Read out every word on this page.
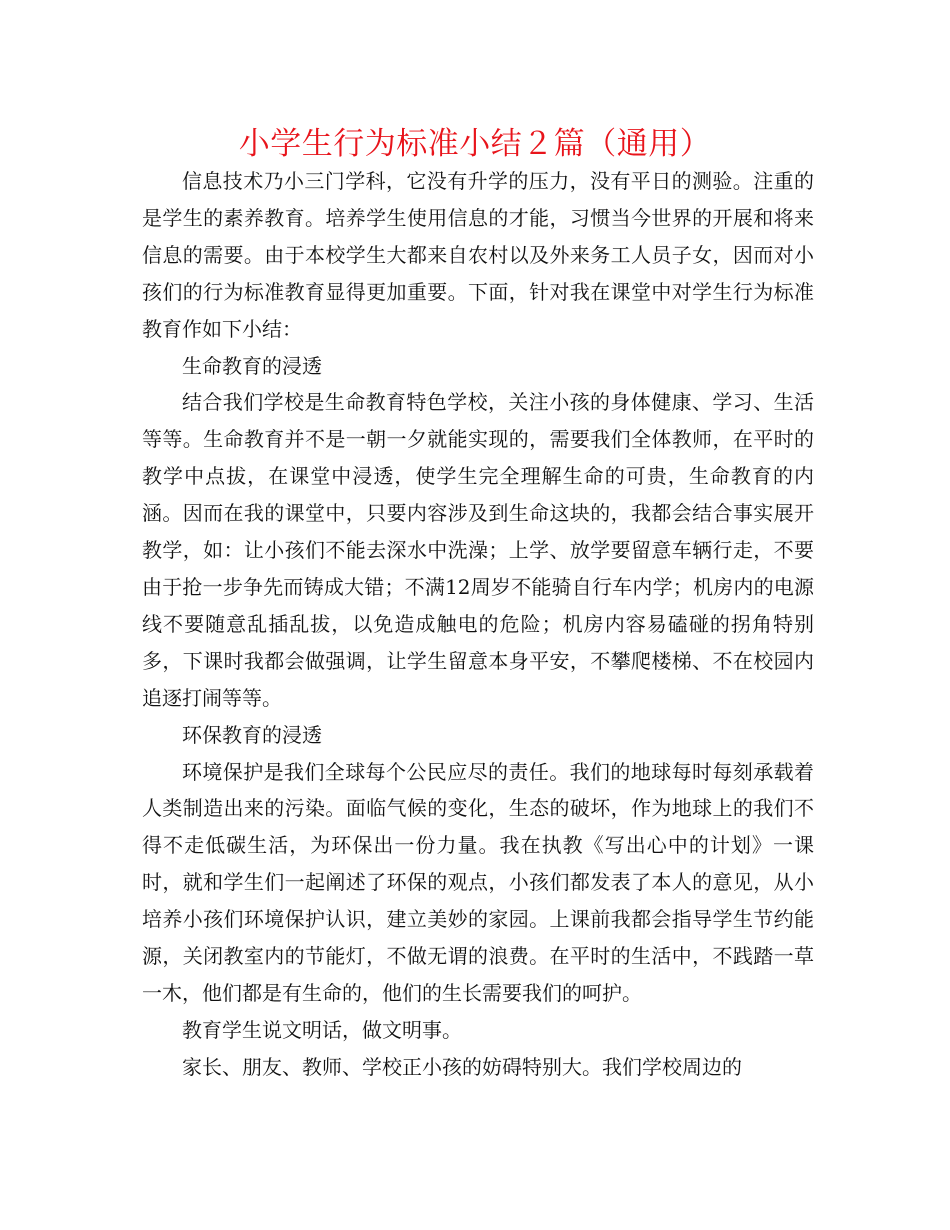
小学生行为标准小结２篇（通用）

信息技术乃小三门学科，它没有升学的压力，没有平日的测验。注重的是学生的素养教育。培养学生使用信息的才能，习惯当今世界的开展和将来信息的需要。由于本校学生大都来自农村以及外来务工人员子女，因而对小孩们的行为标准教育显得更加重要。下面，针对我在课堂中对学生行为标准教育作如下小结：

生命教育的浸透

结合我们学校是生命教育特色学校，关注小孩的身体健康、学习、生活等等。生命教育并不是一朝一夕就能实现的，需要我们全体教师，在平时的教学中点拔，在课堂中浸透，使学生完全理解生命的可贵，生命教育的内涵。因而在我的课堂中，只要内容涉及到生命这块的，我都会结合事实展开教学，如：让小孩们不能去深水中洗澡；上学、放学要留意车辆行走，不要由于抢一步争先而铸成大错；不满12周岁不能骑自行车内学；机房内的电源线不要随意乱插乱拔，以免造成触电的危险；机房内容易磕碰的拐角特别多，下课时我都会做强调，让学生留意本身平安，不攀爬楼梯、不在校园内追逐打闹等等。

环保教育的浸透

环境保护是我们全球每个公民应尽的责任。我们的地球每时每刻承载着人类制造出来的污染。面临气候的变化，生态的破坏，作为地球上的我们不得不走低碳生活，为环保出一份力量。我在执教《写出心中的计划》一课时，就和学生们一起阐述了环保的观点，小孩们都发表了本人的意见，从小培养小孩们环境保护认识，建立美妙的家园。上课前我都会指导学生节约能源，关闭教室内的节能灯，不做无谓的浪费。在平时的生活中，不践踏一草一木，他们都是有生命的，他们的生长需要我们的呵护。

教育学生说文明话，做文明事。

家长、朋友、教师、学校正小孩的妨碍特别大。我们学校周边的
